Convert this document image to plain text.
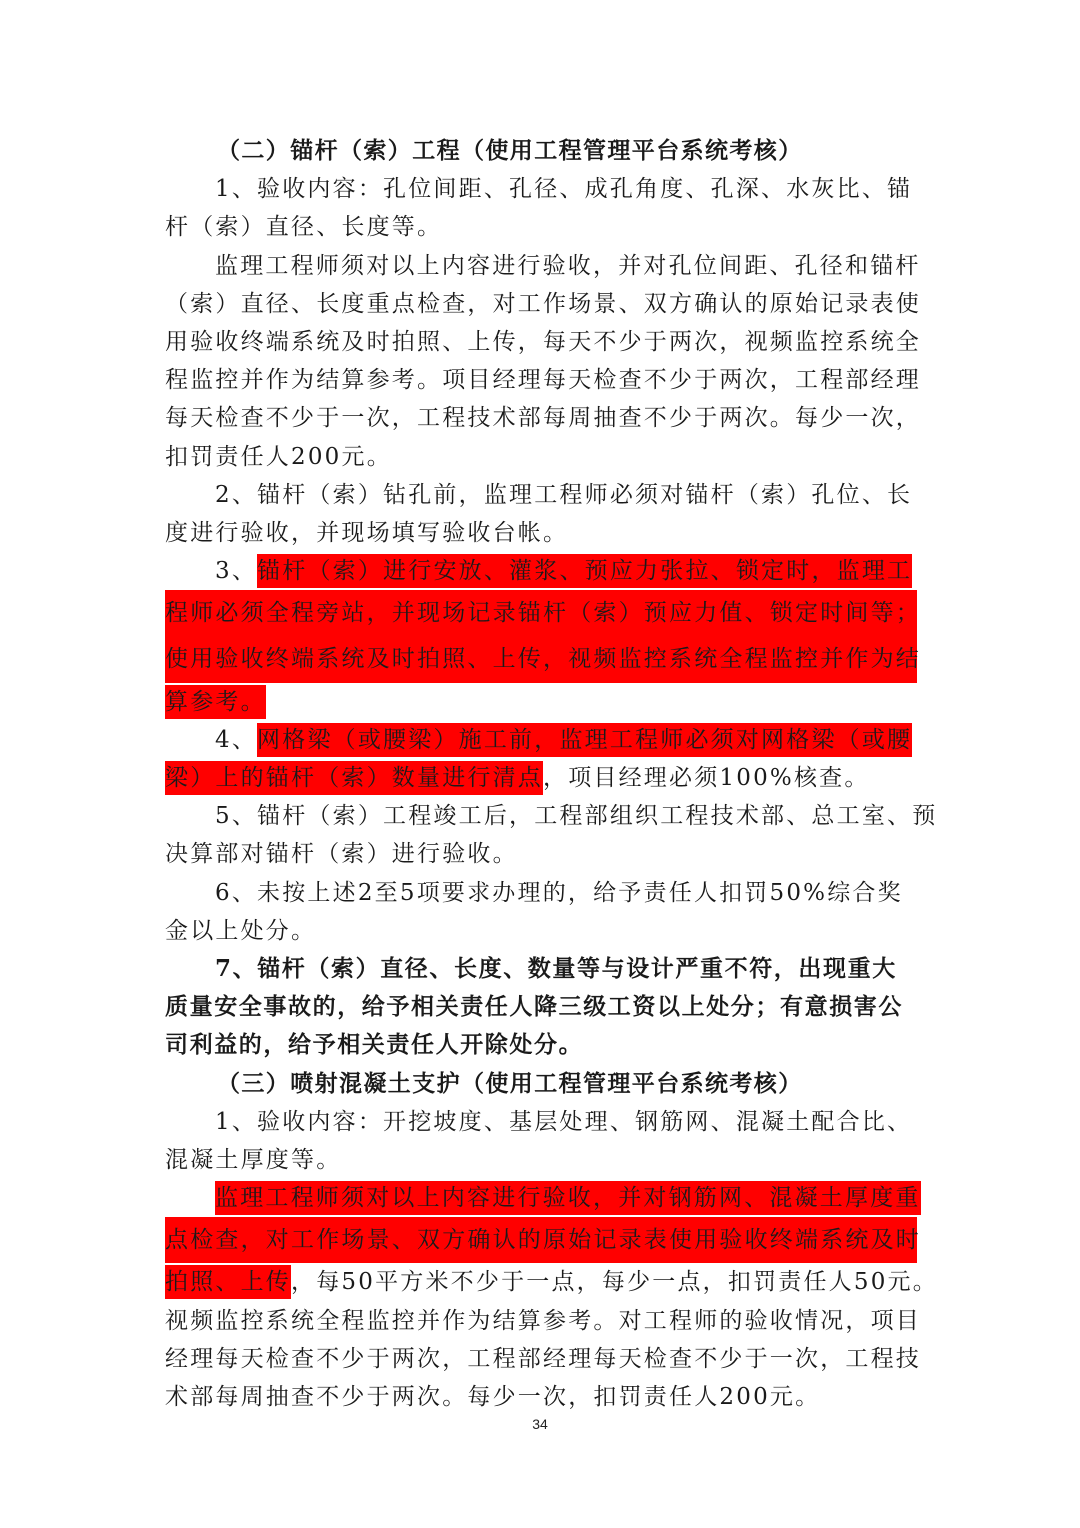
（二）锚杆（索）工程（使用工程管理平台系统考核）
1、验收内容：孔位间距、孔径、成孔角度、孔深、水灰比、锚
杆（索）直径、长度等。
监理工程师须对以上内容进行验收，并对孔位间距、孔径和锚杆
（索）直径、长度重点检查，对工作场景、双方确认的原始记录表使
用验收终端系统及时拍照、上传，每天不少于两次，视频监控系统全
程监控并作为结算参考。项目经理每天检查不少于两次，工程部经理
每天检查不少于一次，工程技术部每周抽查不少于两次。每少一次，
扣罚责任人200元。
2、锚杆（索）钻孔前，监理工程师必须对锚杆（索）孔位、长
度进行验收，并现场填写验收台帐。
3、锚杆（索）进行安放、灌浆、预应力张拉、锁定时，监理工
程师必须全程旁站，并现场记录锚杆（索）预应力值、锁定时间等；
使用验收终端系统及时拍照、上传，视频监控系统全程监控并作为结
算参考。
4、网格梁（或腰梁）施工前，监理工程师必须对网格梁（或腰
梁）上的锚杆（索）数量进行清点，项目经理必须100%核查。
5、锚杆（索）工程竣工后，工程部组织工程技术部、总工室、预
决算部对锚杆（索）进行验收。
6、未按上述2至5项要求办理的，给予责任人扣罚50%综合奖
金以上处分。
7、锚杆（索）直径、长度、数量等与设计严重不符，出现重大
质量安全事故的，给予相关责任人降三级工资以上处分；有意损害公
司利益的，给予相关责任人开除处分。
（三）喷射混凝土支护（使用工程管理平台系统考核）
1、验收内容：开挖坡度、基层处理、钢筋网、混凝土配合比、
混凝土厚度等。
监理工程师须对以上内容进行验收，并对钢筋网、混凝土厚度重
点检查，对工作场景、双方确认的原始记录表使用验收终端系统及时
拍照、上传，每50平方米不少于一点，每少一点，扣罚责任人50元。
视频监控系统全程监控并作为结算参考。对工程师的验收情况，项目
经理每天检查不少于两次，工程部经理每天检查不少于一次，工程技
术部每周抽查不少于两次。每少一次，扣罚责任人200元。
34
